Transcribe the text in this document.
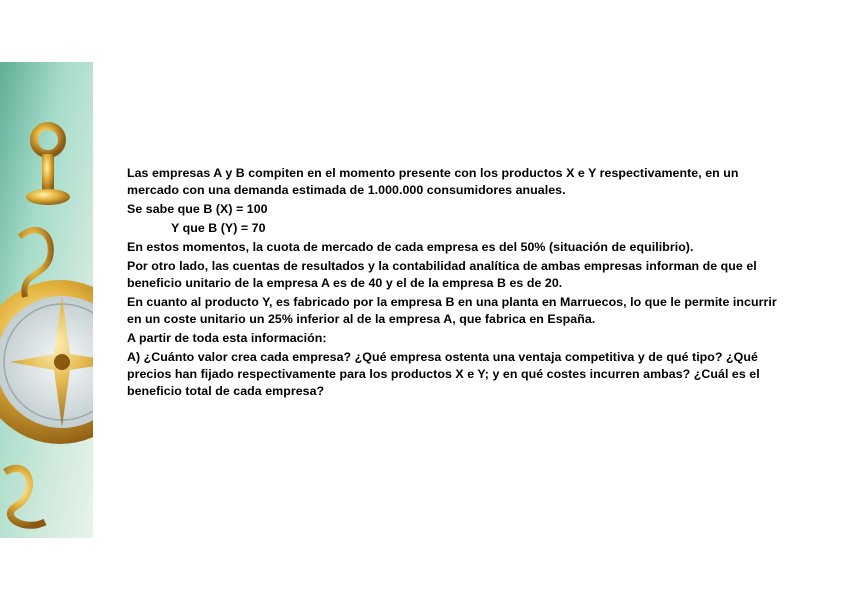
Las empresas A y B compiten en el momento presente con los productos X e Y respectivamente, en un mercado con una demanda estimada de 1.000.000 consumidores anuales.

Se sabe que B (X) = 100

Y que B (Y) = 70

En estos momentos, la cuota de mercado de cada empresa es del 50% (situación de equilibrio).

Por otro lado, las cuentas de resultados y la contabilidad analítica de ambas empresas informan de que el beneficio unitario de la empresa A es de 40 y el de la empresa B es de 20.

En cuanto al producto Y, es fabricado por la empresa B en una planta en Marruecos, lo que le permite incurrir en un coste unitario un 25% inferior al de la empresa A, que fabrica en España.

A partir de toda esta información:

A) ¿Cuánto valor crea cada empresa? ¿Qué empresa ostenta una ventaja competitiva y de qué tipo? ¿Qué precios han fijado respectivamente para los productos X e Y; y en qué costes incurren ambas? ¿Cuál es el beneficio total de cada empresa?
